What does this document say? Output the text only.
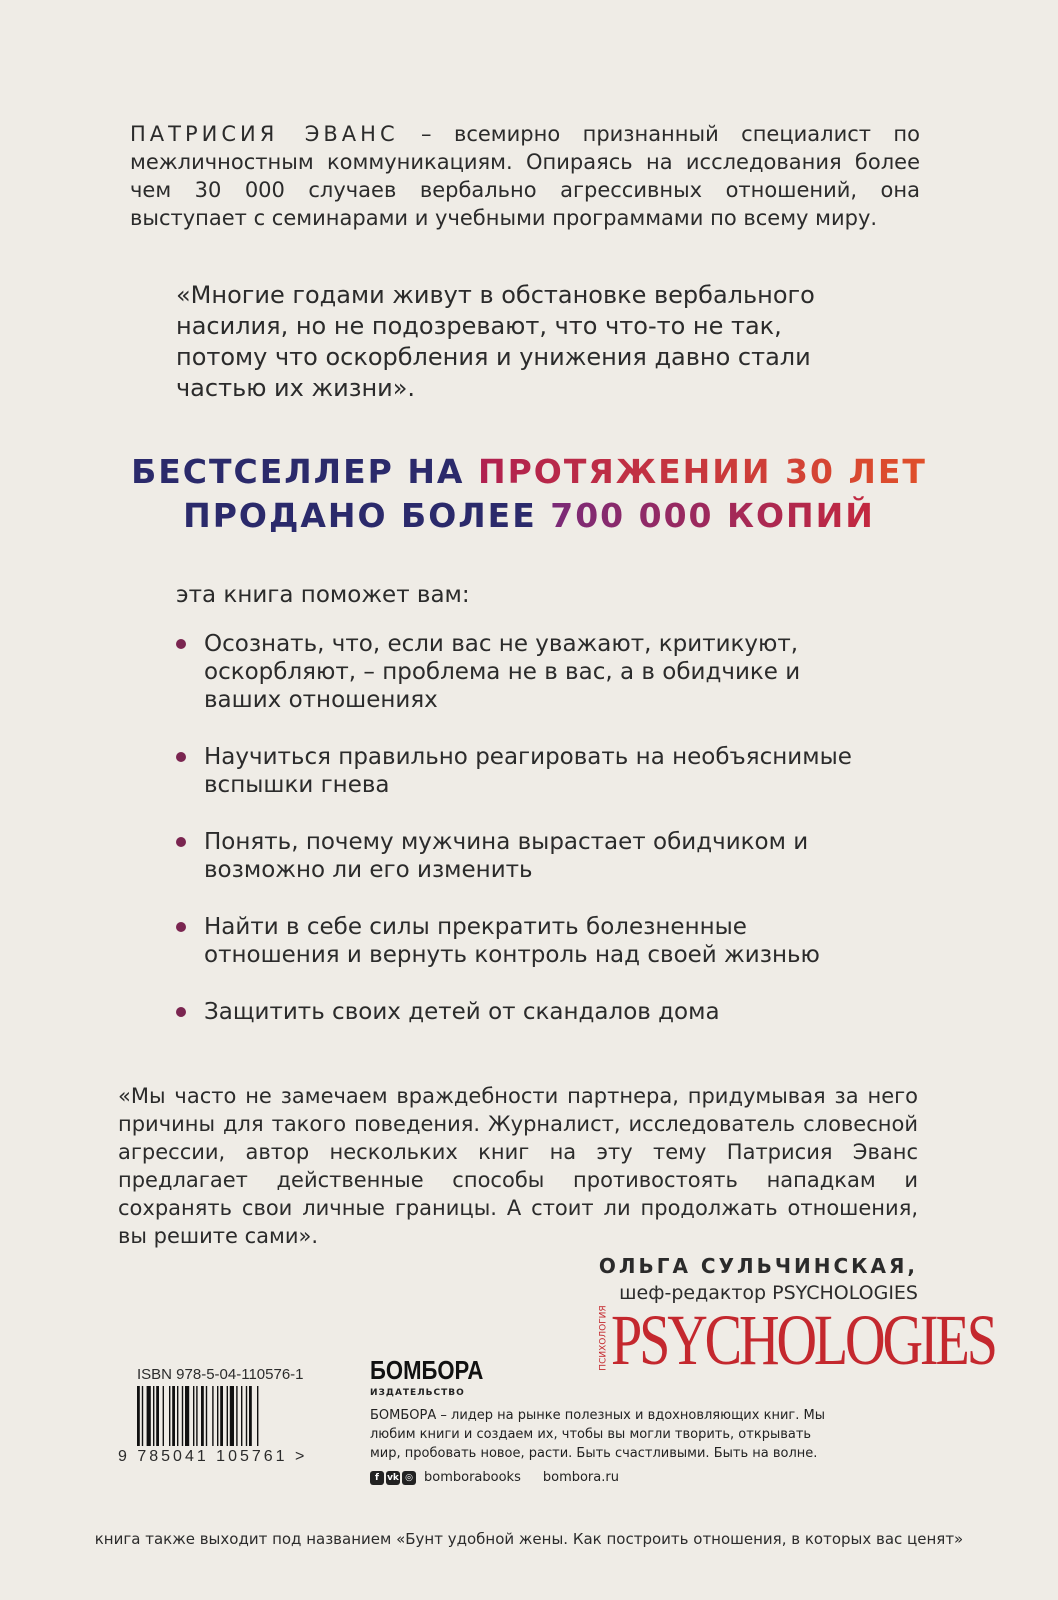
ПАТРИСИЯ ЭВАНС – всемирно признанный специалист по межличностным коммуникациям. Опираясь на исследования более чем 30 000 случаев вербально агрессивных отношений, она выступает с семинарами и учебными программами по всему миру.
«Многие годами живут в обстановке вербального насилия, но не подозревают, что что-то не так, потому что оскорбления и унижения давно стали частью их жизни».
БЕСТСЕЛЛЕР НА ПРОТЯЖЕНИИ 30 ЛЕТ
ПРОДАНО БОЛЕЕ 700 000 КОПИЙ
эта книга поможет вам:
Осознать, что, если вас не уважают, критикуют, оскорбляют, – проблема не в вас, а в обидчике и ваших отношениях
Научиться правильно реагировать на необъяснимые вспышки гнева
Понять, почему мужчина вырастает обидчиком и возможно ли его изменить
Найти в себе силы прекратить болезненные отношения и вернуть контроль над своей жизнью
Защитить своих детей от скандалов дома
«Мы часто не замечаем враждебности партнера, придумывая за него причины для такого поведения. Журналист, исследователь словесной агрессии, автор нескольких книг на эту тему Патрисия Эванс предлагает действенные способы противостоять нападкам и сохранять свои личные границы. А стоит ли продолжать отношения, вы решите сами».
ОЛЬГА СУЛЬЧИНСКАЯ,
шеф-редактор PSYCHOLOGIES
ПСИХОЛОГИЯ PSYCHOLOGIES
ISBN 978-5-04-110576-1
9 785041 105761 >
БОМБОРА
ИЗДАТЕЛЬСТВО
БОМБОРА – лидер на рынке полезных и вдохновляющих книг. Мы любим книги и создаем их, чтобы вы могли творить, открывать мир, пробовать новое, расти. Быть счастливыми. Быть на волне.
f vk ◎ bomborabooks bombora.ru
книга также выходит под названием «Бунт удобной жены. Как построить отношения, в которых вас ценят»
